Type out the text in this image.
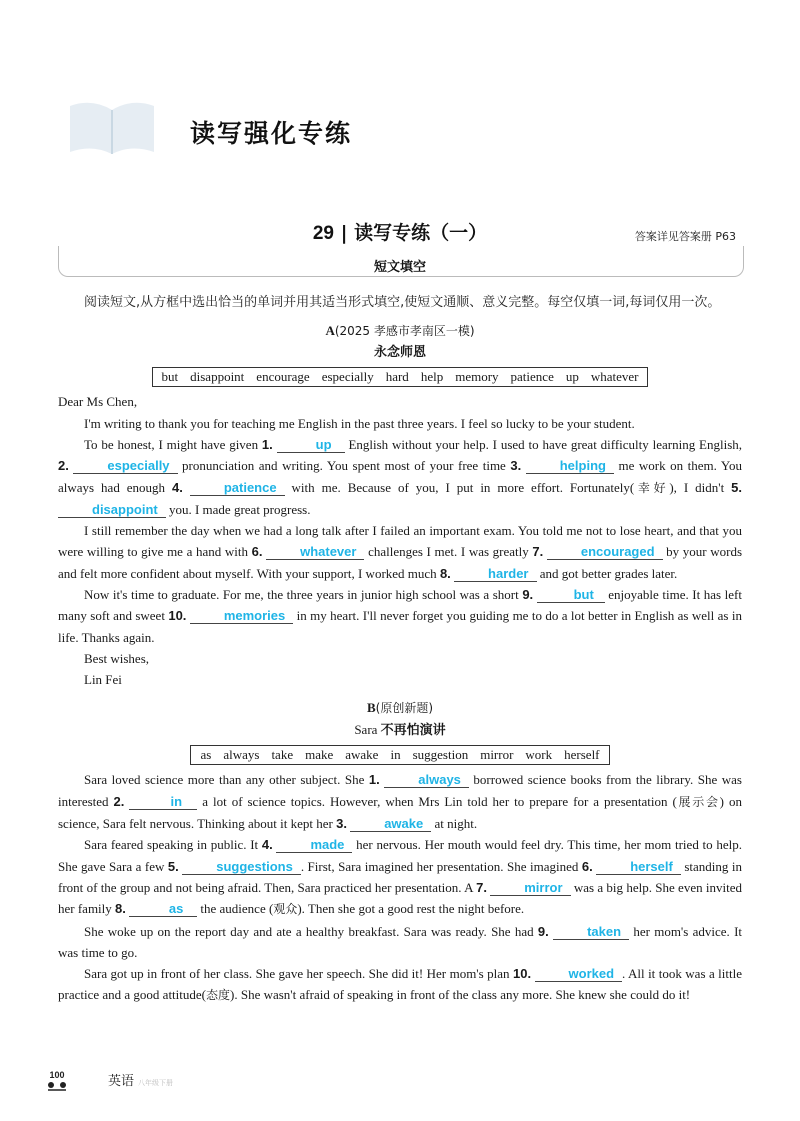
读写强化专练
29 | 读写专练（一）	答案详见答案册 P63
短文填空

阅读短文,从方框中选出恰当的单词并用其适当形式填空,使短文通顺、意义完整。每空仅填一词,每词仅用一次。

A(2025 孝感市孝南区一模)
永念师恩
but disappoint encourage especially hard help memory patience up whatever

Dear Ms Chen,

I'm writing to thank you for teaching me English in the past three years. I feel so lucky to be your student.

To be honest, I might have given 1.	up English without your help. I used to have great difficulty learning English, 2.	especially pronunciation and writing. You spent most of your free time 3.	helping me work on them. You always had enough 4.	patience with me. Because of you, I put in more effort. Fortunately(幸好), I didn't 5. disappoint you. I made great progress.

I still remember the day when we had a long talk after I failed an important exam. You told me not to lose heart, and that you were willing to give me a hand with 6.	whatever challenges I met. I was greatly 7.	encouraged by your words and felt more confident about myself. With your support, I worked much 8.	harder and got better grades later.

Now it's time to graduate. For me, the three years in junior high school was a short 9.	but enjoyable time. It has left many soft and sweet 10.	memories in my heart. I'll never forget you guiding me to do a lot better in English as well as in life. Thanks again.

Best wishes,

Lin Fei

B(原创新题)
Sara 不再怕演讲
as always take make awake in suggestion mirror work herself

Sara loved science more than any other subject. She 1.	always borrowed science books from the library. She was interested 2.	in a lot of science topics. However, when Mrs Lin told her to prepare for a presentation (展示会) on science, Sara felt nervous. Thinking about it kept her 3.	awake at night.

Sara feared speaking in public. It 4.	made her nervous. Her mouth would feel dry. This time, her mom tried to help. She gave Sara a few 5.	suggestions . First, Sara imagined her presentation. She imagined 6.	herself standing in front of the group and not being afraid. Then, Sara practiced her presentation. A 7.	mirror was a big help. She even invited her family 8.	as the audience (观众). Then she got a good rest the night before.

She woke up on the report day and ate a healthy breakfast. Sara was ready. She had 9.	taken her mom's advice. It was time to go.

Sara got up in front of her class. She gave her speech. She did it! Her mom's plan 10.	worked . All it took was a little practice and a good attitude(态度). She wasn't afraid of speaking in front of the class any more. She knew she could do it!

100	英语 八年级下册
